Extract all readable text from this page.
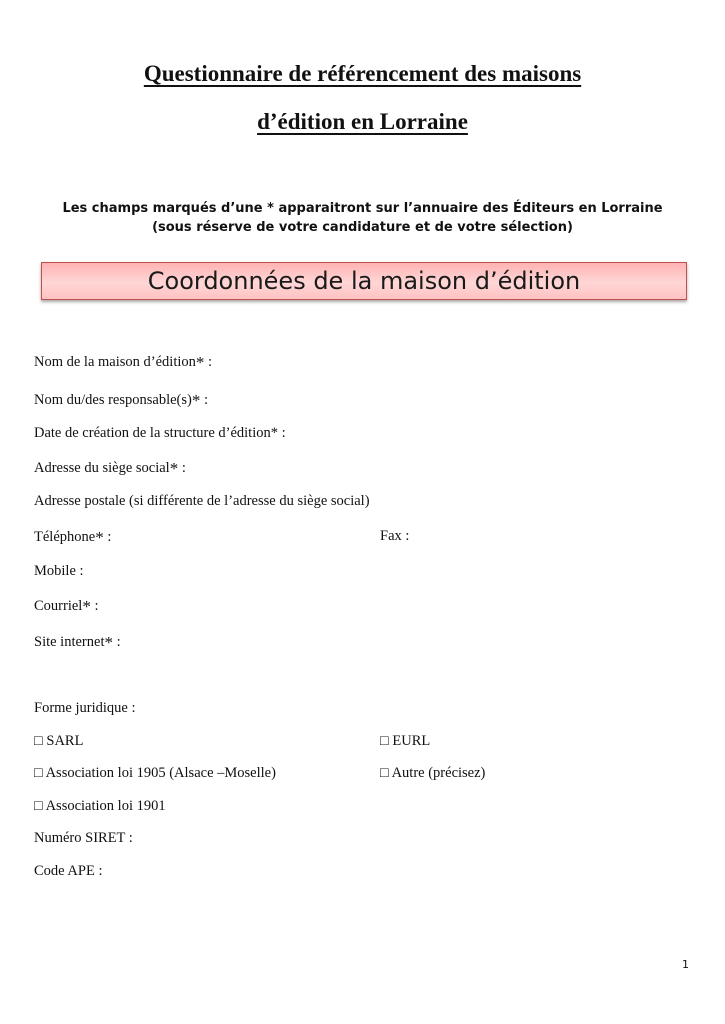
Questionnaire de référencement des maisons
d’édition en Lorraine
Les champs marqués d’une * apparaitront sur l’annuaire des Éditeurs en Lorraine
(sous réserve de votre candidature et de votre sélection)
Coordonnées de la maison d’édition
Nom de la maison d’édition* :
Nom du/des responsable(s)* :
Date de création de la structure d’édition* :
Adresse du siège social* :
Adresse postale (si différente de l’adresse du siège social)
Téléphone* :	Fax :
Mobile :
Courriel* :
Site internet* :
Forme juridique :
□ SARL	□ EURL
□ Association loi 1905 (Alsace –Moselle)	□ Autre (précisez)
□ Association loi 1901
Numéro SIRET :
Code APE :
1
